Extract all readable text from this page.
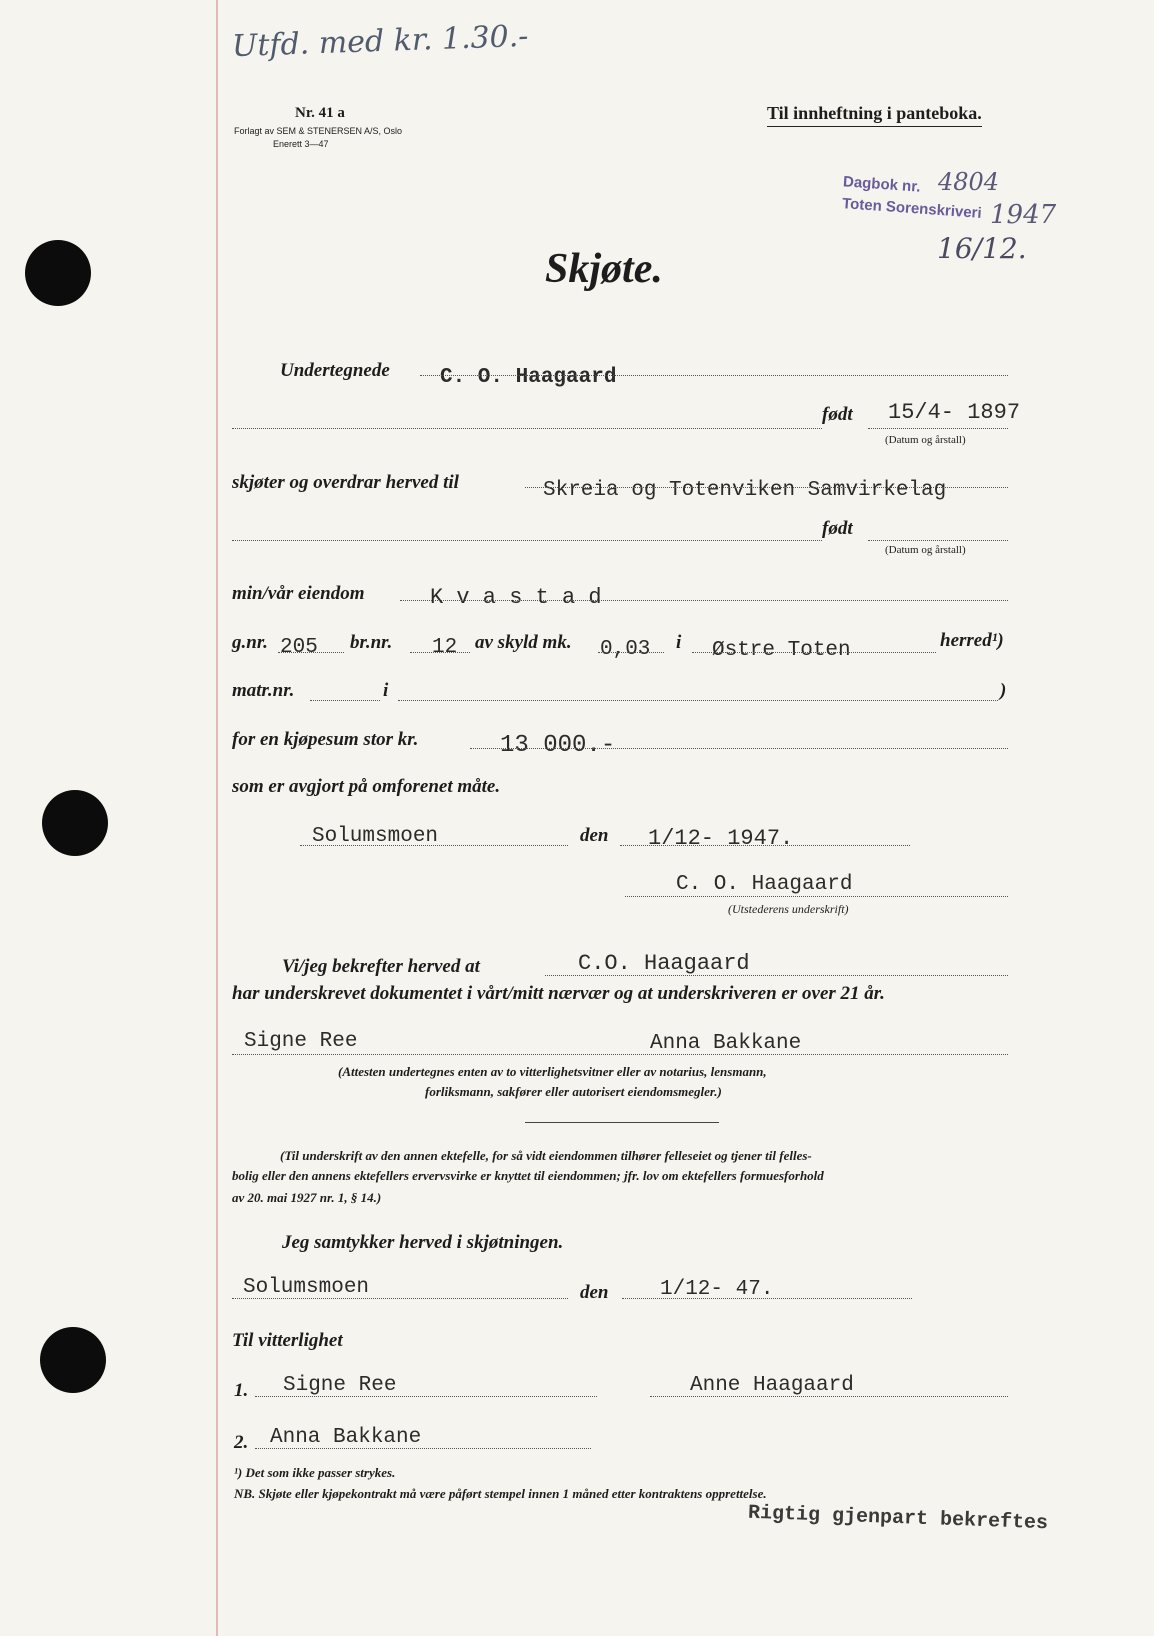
Utfd. med kr. 1.30.-
Nr. 41 a
Forlagt av SEM & STENERSEN A/S, Oslo
Enerett 3—47
Til innheftning i panteboka.
Dagbok nr. 4804
1947
Toten Sorenskriveri
16/12.
Skjøte.
Undertegnede C. O. Haagaard
født 15/4- 1897
(Datum og årstall)
skjøter og overdrar herved til	Skreia og Totenviken Samvirkelag
født
(Datum og årstall)
min/vår eiendom	K v a s t a d
g.nr. 205 br.nr. 12 av skyld mk. 0,03 i Østre Toten	herred¹)
matr.nr.	i	)
for en kjøpesum stor kr.	13 000.-
som er avgjort på omforenet måte.
Solumsmoen	den 1/12- 1947.
C. O. Haagaard
(Utstederens underskrift)
Vi/jeg bekrefter herved at	C.O. Haagaard
har underskrevet dokumentet i vårt/mitt nærvær og at underskriveren er over 21 år.
Signe Ree	Anna Bakkane
(Attesten undertegnes enten av to vitterlighetsvitner eller av notarius, lensmann,
forliksmann, sakfører eller autorisert eiendomsmegler.)
(Til underskrift av den annen ektefelle, for så vidt eiendommen tilhører felleseiet og tjener til felles-
bolig eller den annens ektefellers ervervsvirke er knyttet til eiendommen; jfr. lov om ektefellers formuesforhold
av 20. mai 1927 nr. 1, § 14.)
Jeg samtykker herved i skjøtningen.
Solumsmoen	den 1/12- 47.
Til vitterlighet
1. Signe Ree	Anne Haagaard
2. Anna Bakkane
¹) Det som ikke passer strykes.
NB. Skjøte eller kjøpekontrakt må være påført stempel innen 1 måned etter kontraktens opprettelse.
Rigtig gjenpart bekreftes
